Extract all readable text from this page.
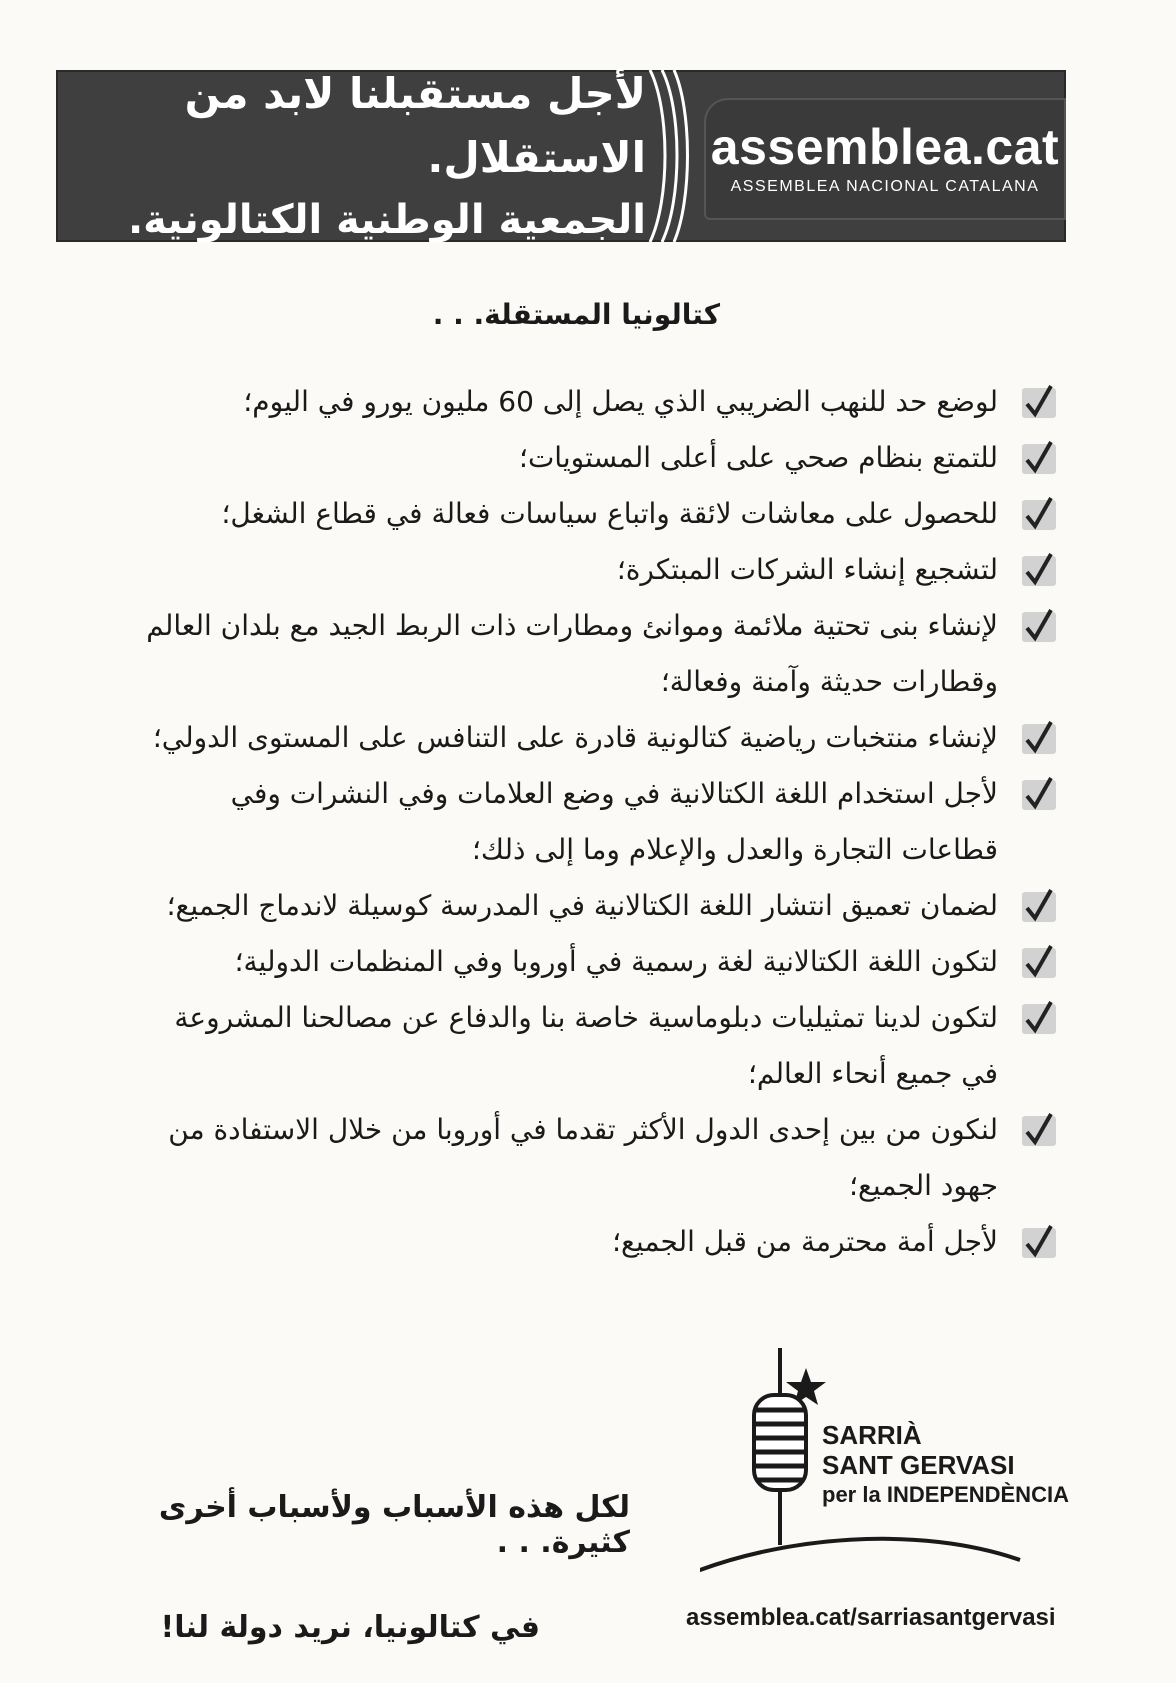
لأجل مستقبلنا لابد من الاستقلال.
الجمعية الوطنية الكتالونية.
assemblea.cat
ASSEMBLEA NACIONAL CATALANA
كتالونيا المستقلة. . .
لوضع حد للنهب الضريبي الذي يصل إلى 60 مليون يورو في اليوم؛
للتمتع بنظام صحي على أعلى المستويات؛
للحصول على معاشات لائقة واتباع سياسات فعالة في قطاع الشغل؛
لتشجيع إنشاء الشركات المبتكرة؛
لإنشاء بنى تحتية ملائمة وموانئ ومطارات ذات الربط الجيد مع بلدان العالم وقطارات حديثة وآمنة وفعالة؛
لإنشاء منتخبات رياضية كتالونية قادرة على التنافس على المستوى الدولي؛
لأجل استخدام اللغة الكتالانية في وضع العلامات وفي النشرات وفي قطاعات التجارة والعدل والإعلام وما إلى ذلك؛
لضمان تعميق انتشار اللغة الكتالانية في المدرسة كوسيلة لاندماج الجميع؛
لتكون اللغة الكتالانية لغة رسمية في أوروبا وفي المنظمات الدولية؛
لتكون لدينا تمثيليات دبلوماسية خاصة بنا والدفاع عن مصالحنا المشروعة في جميع أنحاء العالم؛
لنكون من بين إحدى الدول الأكثر تقدما في أوروبا من خلال الاستفادة من جهود الجميع؛
لأجل أمة محترمة من قبل الجميع؛
لكل هذه الأسباب ولأسباب أخرى كثيرة. . .
في كتالونيا، نريد دولة لنا!
SARRIÀ
SANT GERVASI
per la INDEPENDÈNCIA
assemblea.cat/sarriasantgervasi
